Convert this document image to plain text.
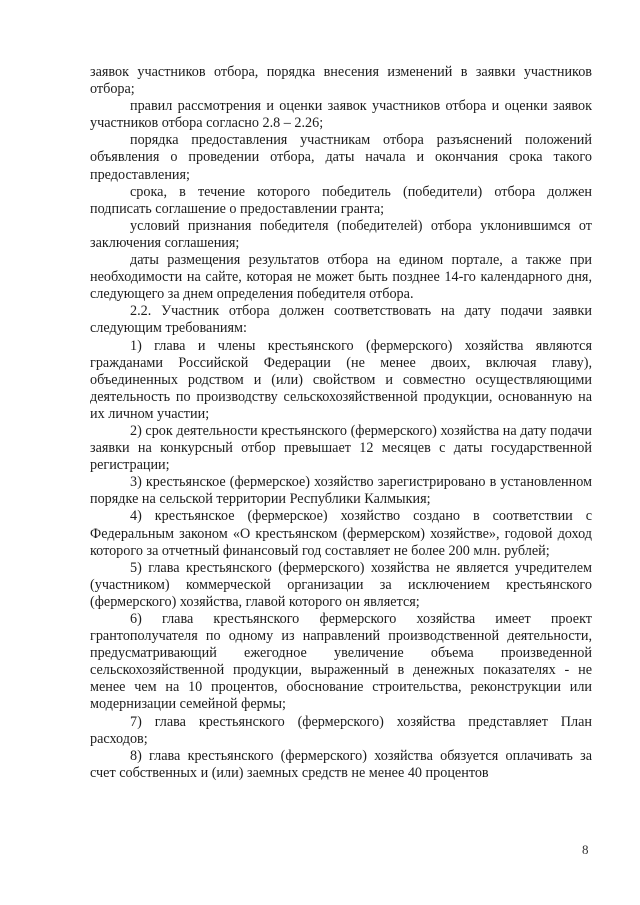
заявок участников отбора, порядка внесения изменений в заявки участников отбора;

правил рассмотрения и оценки заявок участников отбора и оценки заявок участников отбора согласно 2.8 – 2.26;

порядка предоставления участникам отбора разъяснений положений объявления о проведении отбора, даты начала и окончания срока такого предоставления;

срока, в течение которого победитель (победители) отбора должен подписать соглашение о предоставлении гранта;

условий признания победителя (победителей) отбора уклонившимся от заключения соглашения;

даты размещения результатов отбора на едином портале, а также при необходимости на сайте, которая не может быть позднее 14-го календарного дня, следующего за днем определения победителя отбора.

2.2. Участник отбора должен соответствовать на дату подачи заявки следующим требованиям:

1) глава и члены крестьянского (фермерского) хозяйства являются гражданами Российской Федерации (не менее двоих, включая главу), объединенных родством и (или) свойством и совместно осуществляющими деятельность по производству сельскохозяйственной продукции, основанную на их личном участии;

2) срок деятельности крестьянского (фермерского) хозяйства на дату подачи заявки на конкурсный отбор превышает 12 месяцев с даты государственной регистрации;

3) крестьянское (фермерское) хозяйство зарегистрировано в установленном порядке на сельской территории Республики Калмыкия;

4) крестьянское (фермерское) хозяйство создано в соответствии с Федеральным законом «О крестьянском (фермерском) хозяйстве», годовой доход которого за отчетный финансовый год составляет не более 200 млн. рублей;

5) глава крестьянского (фермерского) хозяйства не является учредителем (участником) коммерческой организации за исключением крестьянского (фермерского) хозяйства, главой которого он является;

6) глава крестьянского фермерского хозяйства имеет проект грантополучателя по одному из направлений производственной деятельности, предусматривающий ежегодное увеличение объема произведенной сельскохозяйственной продукции, выраженный в денежных показателях - не менее чем на 10 процентов, обоснование строительства, реконструкции или модернизации семейной фермы;

7) глава крестьянского (фермерского) хозяйства представляет План расходов;

8) глава крестьянского (фермерского) хозяйства обязуется оплачивать за счет собственных и (или) заемных средств не менее 40 процентов

8
